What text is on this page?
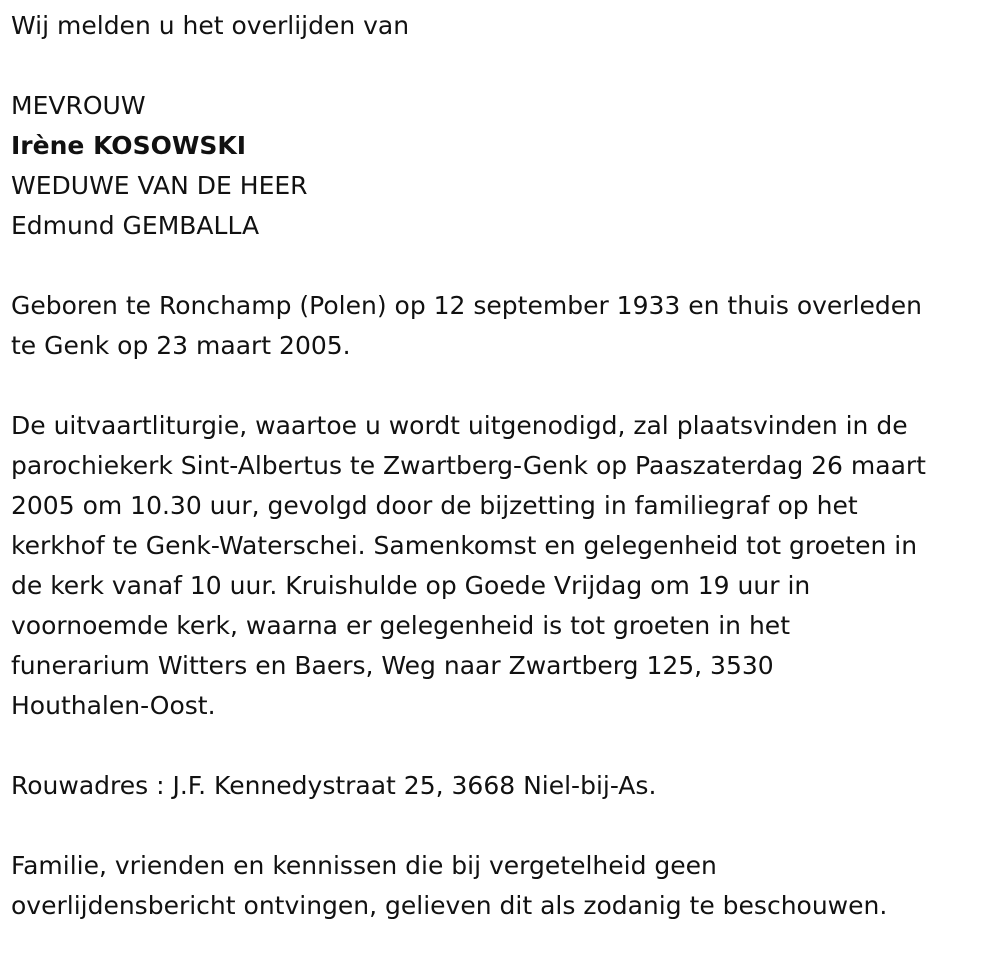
Wij melden u het overlijden van
MEVROUW
Irène KOSOWSKI
WEDUWE VAN DE HEER
Edmund GEMBALLA
Geboren te Ronchamp (Polen) op 12 september 1933 en thuis overleden
te Genk op 23 maart 2005.
De uitvaartliturgie, waartoe u wordt uitgenodigd, zal plaatsvinden in de
parochiekerk Sint-Albertus te Zwartberg-Genk op Paaszaterdag 26 maart
2005 om 10.30 uur, gevolgd door de bijzetting in familiegraf op het
kerkhof te Genk-Waterschei. Samenkomst en gelegenheid tot groeten in
de kerk vanaf 10 uur. Kruishulde op Goede Vrijdag om 19 uur in
voornoemde kerk, waarna er gelegenheid is tot groeten in het
funerarium Witters en Baers, Weg naar Zwartberg 125, 3530
Houthalen-Oost.
Rouwadres : J.F. Kennedystraat 25, 3668 Niel-bij-As.
Familie, vrienden en kennissen die bij vergetelheid geen
overlijdensbericht ontvingen, gelieven dit als zodanig te beschouwen.
